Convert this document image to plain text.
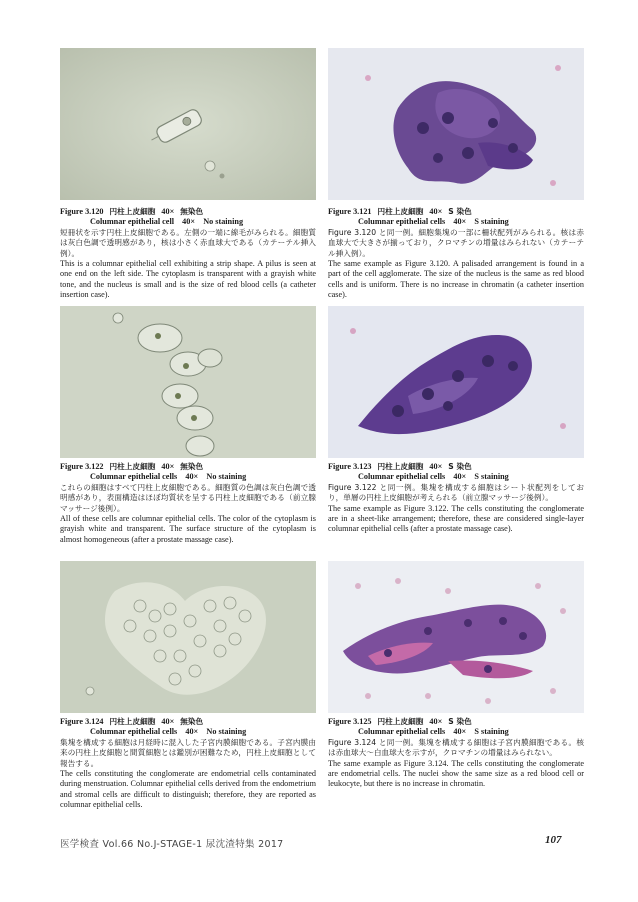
Figure 3.120 円柱上皮細胞 40× 無染色

Columnar epithelial cell　40×　No staining

短冊状を示す円柱上皮細胞である。左側の一端に線毛がみられる。細胞質は灰白色調で透明感があり，核は小さく赤血球大である（カテーテル挿入例）。

This is a columnar epithelial cell exhibiting a strip shape. A pilus is seen at one end on the left side. The cytoplasm is transparent with a grayish white tone, and the nucleus is small and is the size of red blood cells (a catheter insertion case).

Figure 3.121 円柱上皮細胞 40× S 染色

Columnar epithelial cells　40×　S staining

Figure 3.120 と同一例。細胞集塊の一部に柵状配列がみられる。核は赤血球大で大きさが揃っており，クロマチンの増量はみられない（カテーテル挿入例）。

The same example as Figure 3.120. A palisaded arrangement is found in a part of the cell agglomerate. The size of the nucleus is the same as red blood cells and is uniform. There is no increase in chromatin (a catheter insertion case).

Figure 3.122 円柱上皮細胞 40× 無染色

Columnar epithelial cells　40×　No staining

これらの細胞はすべて円柱上皮細胞である。細胞質の色調は灰白色調で透明感があり，表面構造はほぼ均質状を呈する円柱上皮細胞である（前立腺マッサージ後例）。

All of these cells are columnar epithelial cells. The color of the cytoplasm is grayish white and transparent. The surface structure of the cytoplasm is almost homogeneous (after a prostate massage case).

Figure 3.123 円柱上皮細胞 40× S 染色

Columnar epithelial cells　40×　S staining

Figure 3.122 と同一例。集塊を構成する細胞はシート状配列をしており，単層の円柱上皮細胞が考えられる（前立腺マッサージ後例）。

The same example as Figure 3.122. The cells constituting the conglomerate are in a sheet-like arrangement; therefore, these are considered single-layer columnar epithelial cells (after a prostate massage case).

Figure 3.124 円柱上皮細胞 40× 無染色

Columnar epithelial cells　40×　No staining

集塊を構成する細胞は月経時に混入した子宮内膜細胞である。子宮内膜由来の円柱上皮細胞と間質細胞とは鑑別が困難なため，円柱上皮細胞として報告する。

The cells constituting the conglomerate are endometrial cells contaminated during menstruation. Columnar epithelial cells derived from the endometrium and stromal cells are difficult to distinguish; therefore, they are reported as columnar epithelial cells.

Figure 3.125 円柱上皮細胞 40× S 染色

Columnar epithelial cells　40×　S staining

Figure 3.124 と同一例。集塊を構成する細胞は子宮内膜細胞である。核は赤血球大～白血球大を示すが，クロマチンの増量はみられない。

The same example as Figure 3.124. The cells constituting the conglomerate are endometrial cells. The nuclei show the same size as a red blood cell or leukocyte, but there is no increase in chromatin.

医学検査 Vol.66 No.J-STAGE-1 尿沈渣特集 2017	107
